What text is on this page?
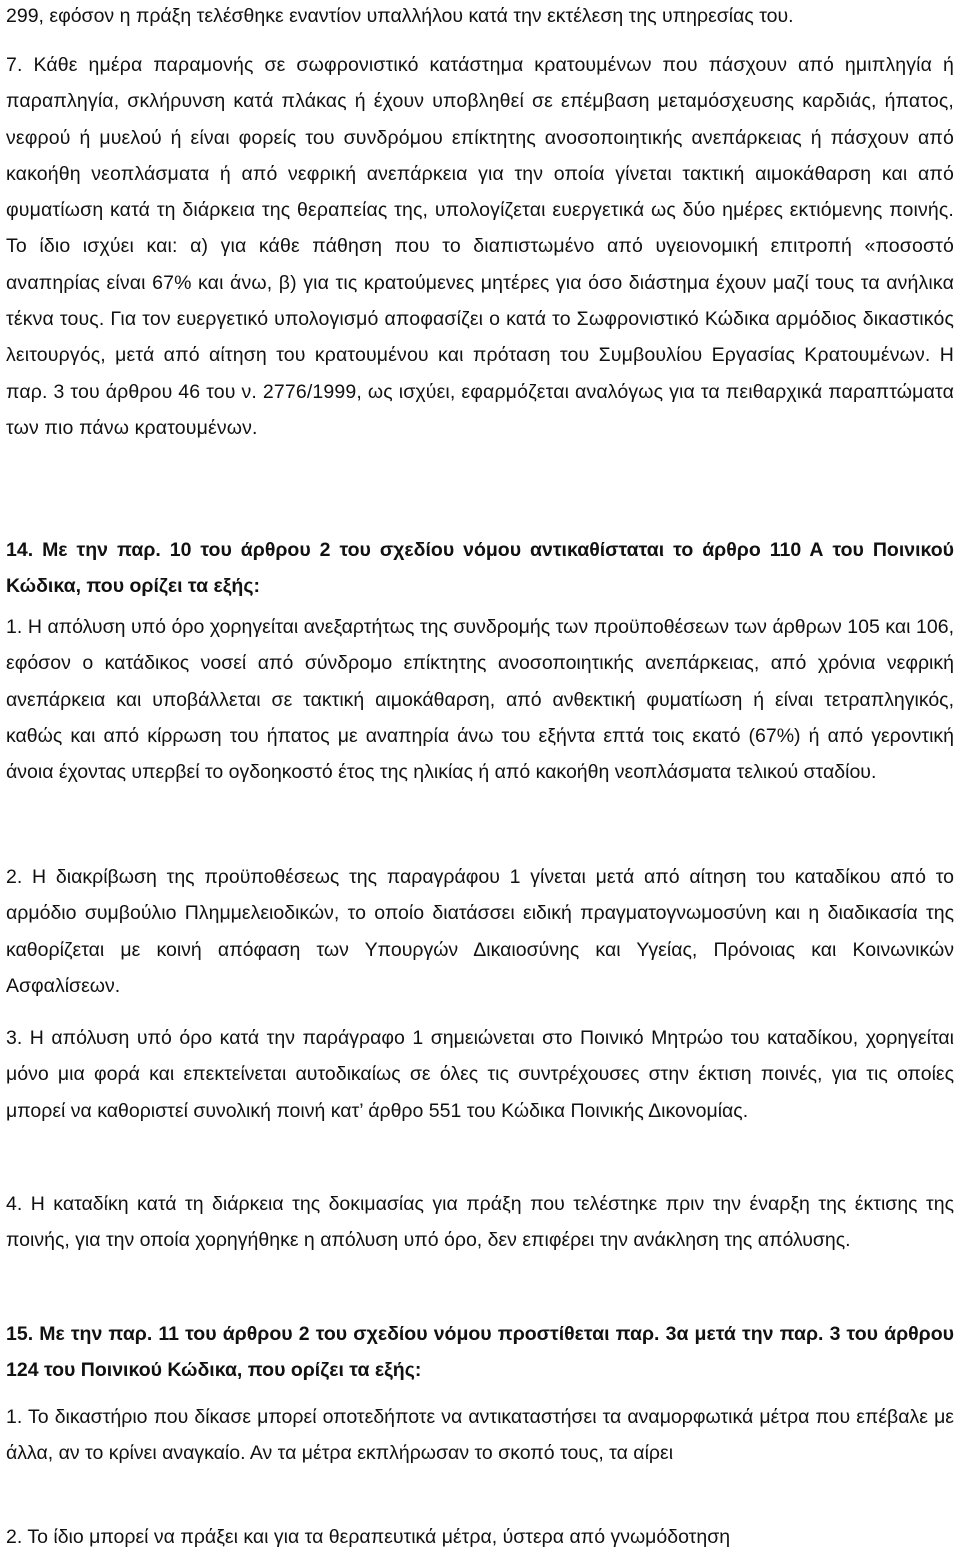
299, εφόσον η πράξη τελέσθηκε εναντίον υπαλλήλου κατά την εκτέλεση της υπηρεσίας του.

7. Κάθε ημέρα παραμονής σε σωφρονιστικό κατάστημα κρατουμένων που πάσχουν από ημιπληγία ή παραπληγία, σκλήρυνση κατά πλάκας ή έχουν υποβληθεί σε επέμβαση μεταμόσχευσης καρδιάς, ήπατος, νεφρού ή μυελού ή είναι φορείς του συνδρόμου επίκτητης ανοσοποιητικής ανεπάρκειας ή πάσχουν από κακοήθη νεοπλάσματα ή από νεφρική ανεπάρκεια για την οποία γίνεται τακτική αιμοκάθαρση και από φυματίωση κατά τη διάρκεια της θεραπείας της, υπολογίζεται ευεργετικά ως δύο ημέρες εκτιόμενης ποινής. Το ίδιο ισχύει και: α) για κάθε πάθηση που το διαπιστωμένο από υγειονομική επιτροπή «ποσοστό αναπηρίας είναι 67% και άνω, β) για τις κρατούμενες μητέρες για όσο διάστημα έχουν μαζί τους τα ανήλικα τέκνα τους. Για τον ευεργετικό υπολογισμό αποφασίζει ο κατά το Σωφρονιστικό Κώδικα αρμόδιος δικαστικός λειτουργός, μετά από αίτηση του κρατουμένου και πρόταση του Συμβουλίου Εργασίας Κρατουμένων. Η παρ. 3 του άρθρου 46 του ν. 2776/1999, ως ισχύει, εφαρμόζεται αναλόγως για τα πειθαρχικά παραπτώματα των πιο πάνω κρατουμένων.

14. Με την παρ. 10 του άρθρου 2 του σχεδίου νόμου αντικαθίσταται το άρθρο 110 Α του Ποινικού Κώδικα, που ορίζει τα εξής:

1. Η απόλυση υπό όρο χορηγείται ανεξαρτήτως της συνδρομής των προϋποθέσεων των άρθρων 105 και 106, εφόσον ο κατάδικος νοσεί από σύνδρομο επίκτητης ανοσοποιητικής ανεπάρκειας, από χρόνια νεφρική ανεπάρκεια και υποβάλλεται σε τακτική αιμοκάθαρση, από ανθεκτική φυματίωση ή είναι τετραπληγικός, καθώς και από κίρρωση του ήπατος με αναπηρία άνω του εξήντα επτά τοις εκατό (67%) ή από γεροντική άνοια έχοντας υπερβεί το ογδοηκοστό έτος της ηλικίας ή από κακοήθη νεοπλάσματα τελικού σταδίου.

2. Η διακρίβωση της προϋποθέσεως της παραγράφου 1 γίνεται μετά από αίτηση του καταδίκου από το αρμόδιο συμβούλιο Πλημμελειοδικών, το οποίο διατάσσει ειδική πραγματογνωμοσύνη και η διαδικασία της καθορίζεται με κοινή απόφαση των Υπουργών Δικαιοσύνης και Υγείας, Πρόνοιας και Κοινωνικών Ασφαλίσεων.

3. Η απόλυση υπό όρο κατά την παράγραφο 1 σημειώνεται στο Ποινικό Μητρώο του καταδίκου, χορηγείται μόνο μια φορά και επεκτείνεται αυτοδικαίως σε όλες τις συντρέχουσες στην έκτιση ποινές, για τις οποίες μπορεί να καθοριστεί συνολική ποινή κατ’ άρθρο 551 του Κώδικα Ποινικής Δικονομίας.

4. Η καταδίκη κατά τη διάρκεια της δοκιμασίας για πράξη που τελέστηκε πριν την έναρξη της έκτισης της ποινής, για την οποία χορηγήθηκε η απόλυση υπό όρο, δεν επιφέρει την ανάκληση της απόλυσης.

15. Με την παρ. 11 του άρθρου 2 του σχεδίου νόμου προστίθεται παρ. 3α μετά την παρ. 3 του άρθρου 124 του Ποινικού Κώδικα, που ορίζει τα εξής:

1. Το δικαστήριο που δίκασε μπορεί οποτεδήποτε να αντικαταστήσει τα αναμορφωτικά μέτρα που επέβαλε με άλλα, αν το κρίνει αναγκαίο. Αν τα μέτρα εκπλήρωσαν το σκοπό τους, τα αίρει

2. Το ίδιο μπορεί να πράξει και για τα θεραπευτικά μέτρα, ύστερα από γνωμόδοτηση
